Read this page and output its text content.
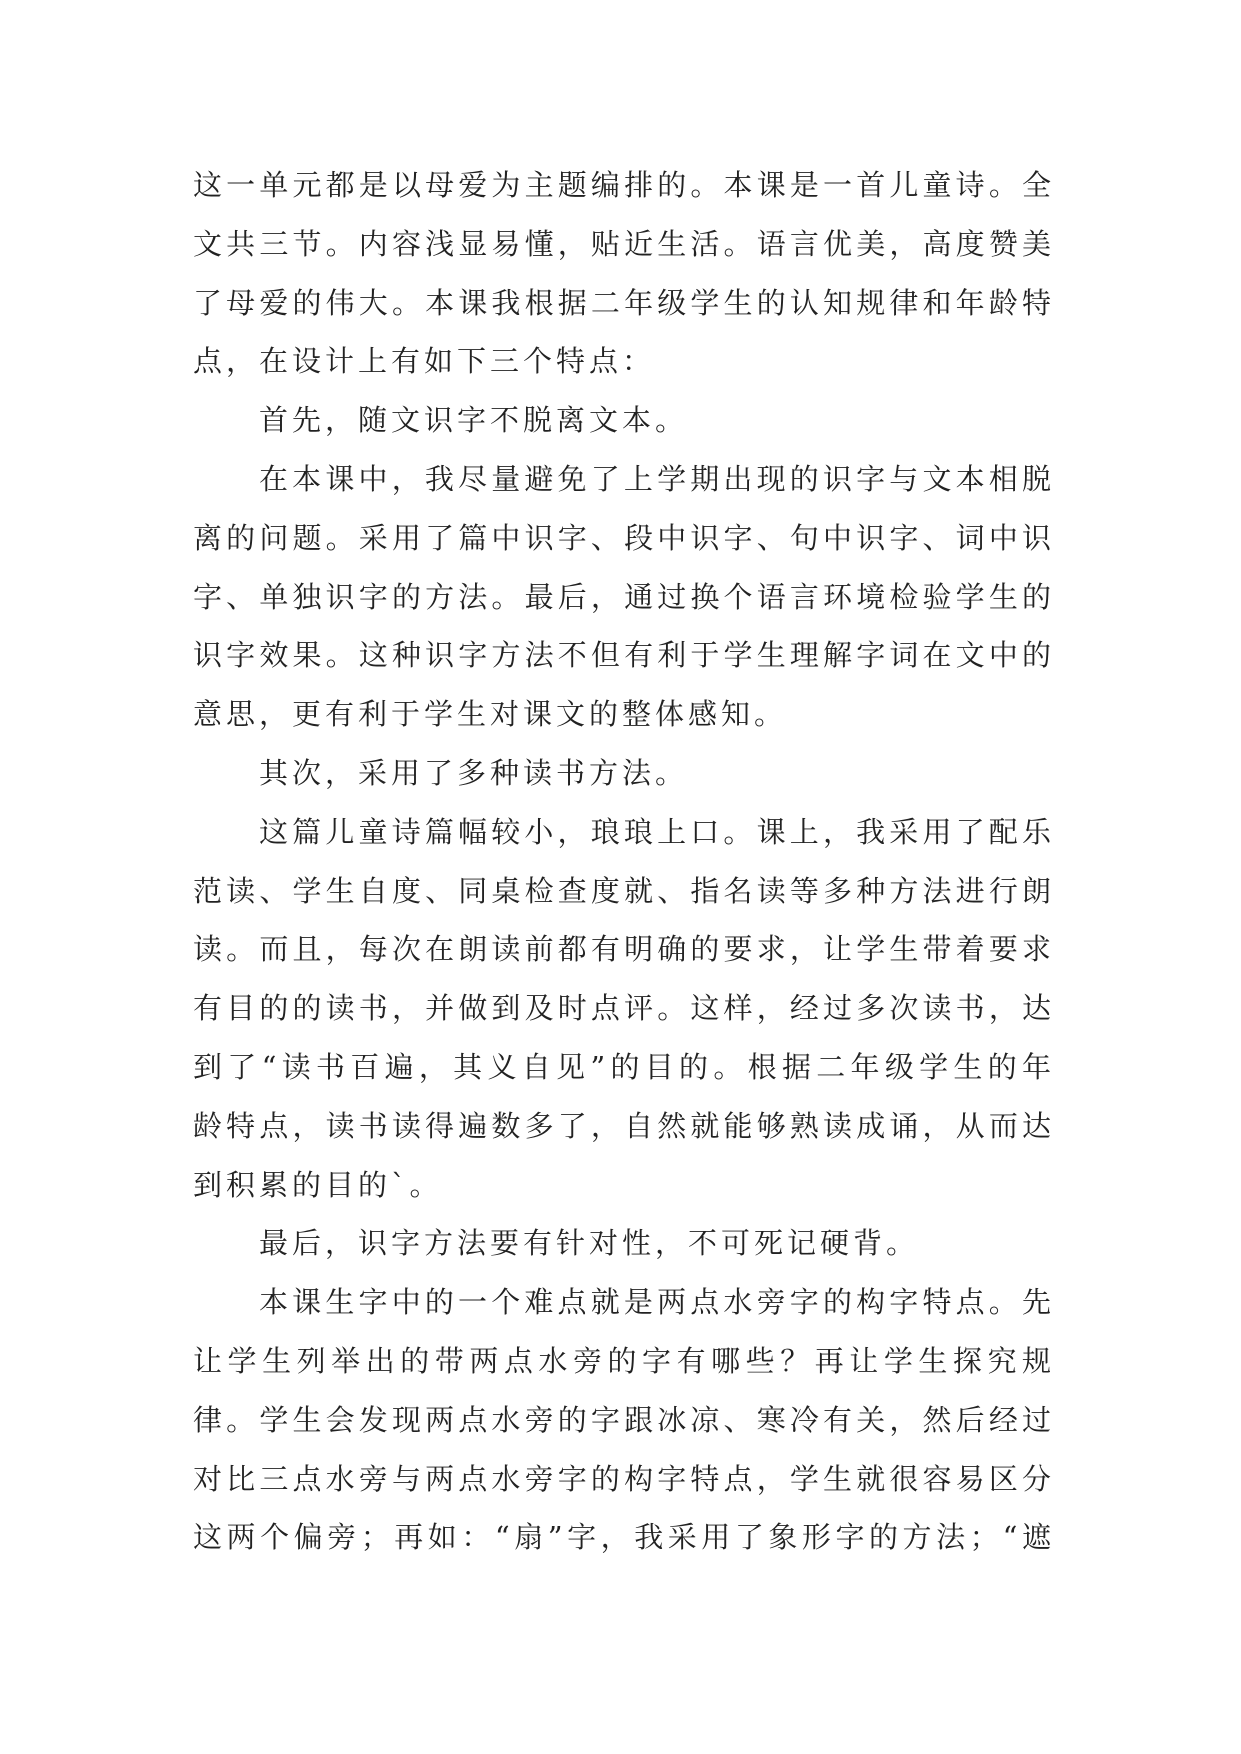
这一单元都是以母爱为主题编排的。本课是一首儿童诗。全
文共三节。内容浅显易懂，贴近生活。语言优美，高度赞美
了母爱的伟大。本课我根据二年级学生的认知规律和年龄特
点，在设计上有如下三个特点：
首先，随文识字不脱离文本。
在本课中，我尽量避免了上学期出现的识字与文本相脱
离的问题。采用了篇中识字、段中识字、句中识字、词中识
字、单独识字的方法。最后，通过换个语言环境检验学生的
识字效果。这种识字方法不但有利于学生理解字词在文中的
意思，更有利于学生对课文的整体感知。
其次，采用了多种读书方法。
这篇儿童诗篇幅较小，琅琅上口。课上，我采用了配乐
范读、学生自度、同桌检查度就、指名读等多种方法进行朗
读。而且，每次在朗读前都有明确的要求，让学生带着要求
有目的的读书，并做到及时点评。这样，经过多次读书，达
到了“读书百遍，其义自见”的目的。根据二年级学生的年
龄特点，读书读得遍数多了，自然就能够熟读成诵，从而达
到积累的目的`。
最后，识字方法要有针对性，不可死记硬背。
本课生字中的一个难点就是两点水旁字的构字特点。先
让学生列举出的带两点水旁的字有哪些？再让学生探究规
律。学生会发现两点水旁的字跟冰凉、寒冷有关，然后经过
对比三点水旁与两点水旁字的构字特点，学生就很容易区分
这两个偏旁；再如：“扇”字，我采用了象形字的方法；“遮
